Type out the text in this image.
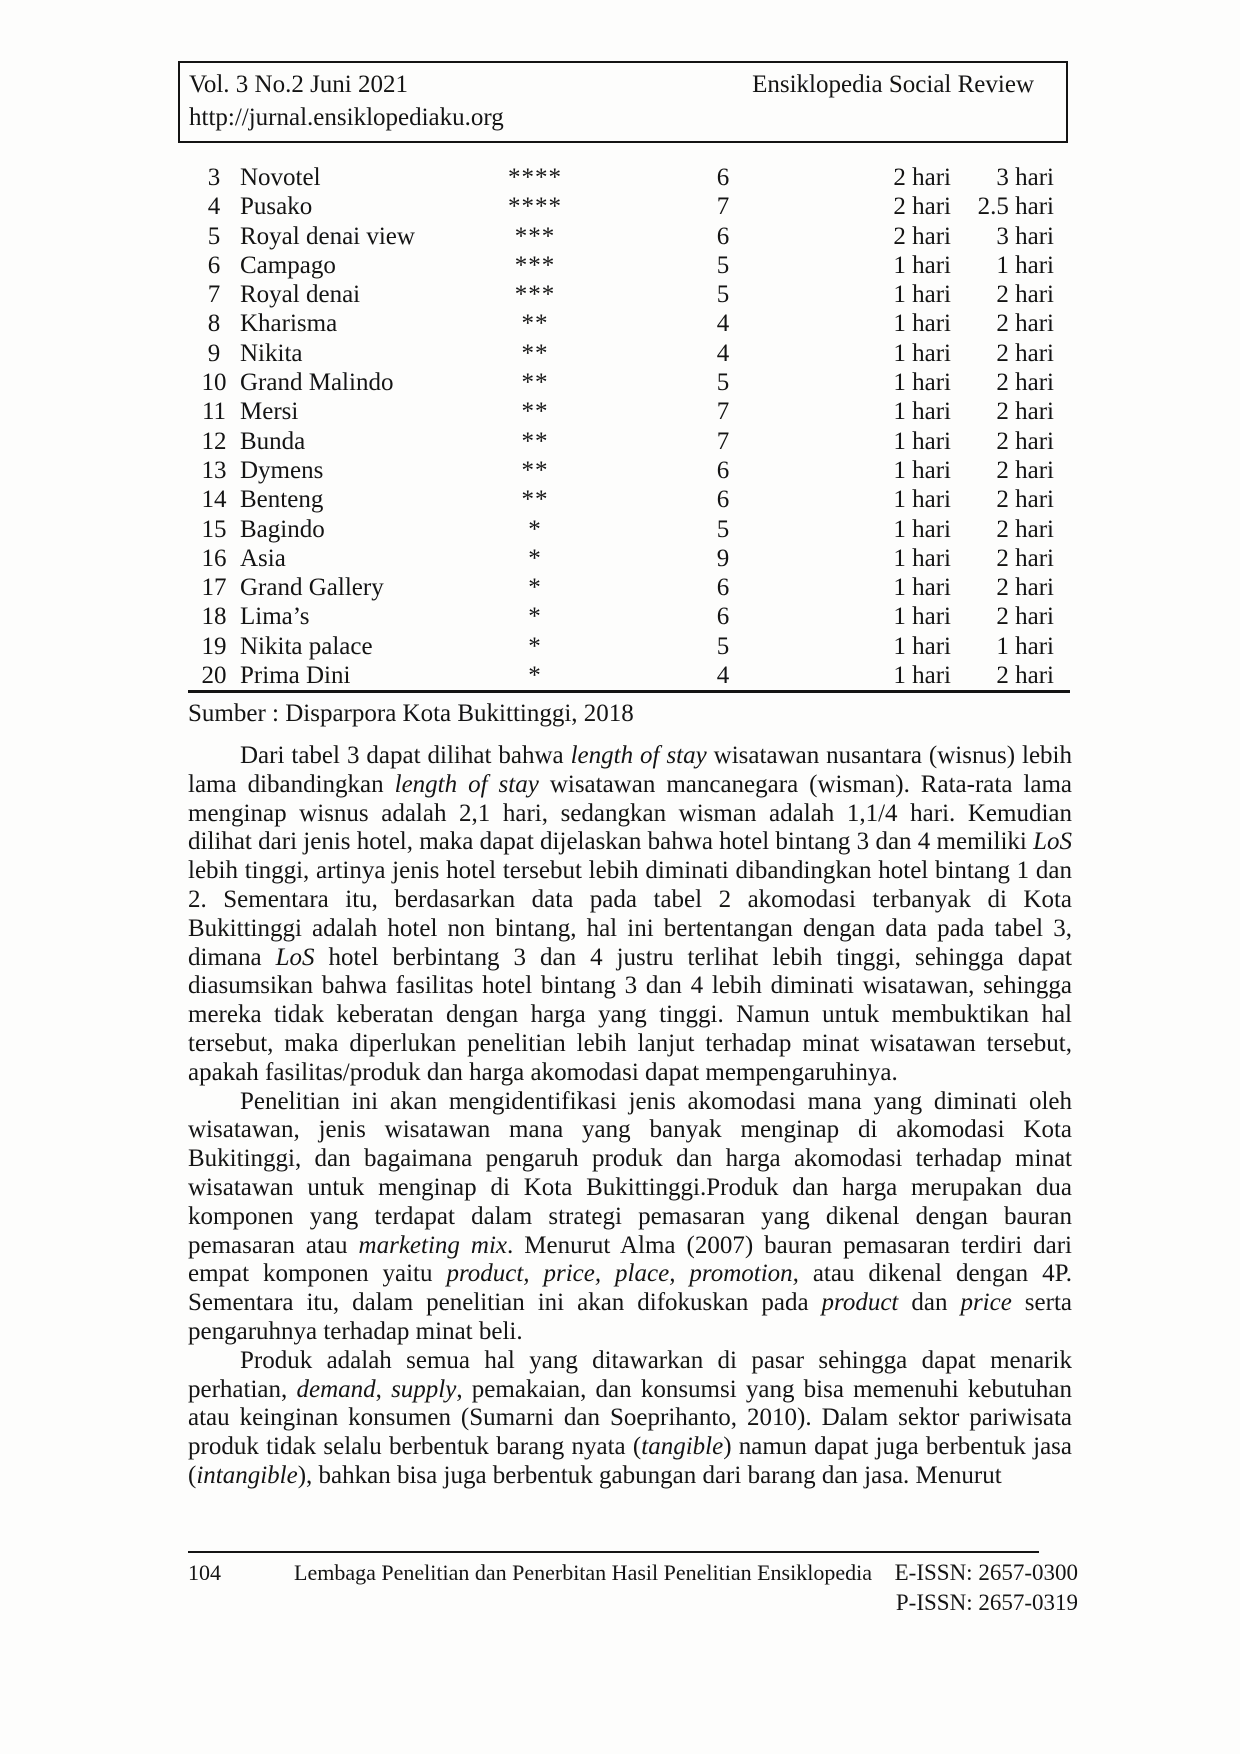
Vol. 3 No.2 Juni 2021	Ensiklopedia Social Review
http://jurnal.ensiklopediaku.org
3	Novotel	****	6	2 hari	3 hari
4	Pusako	****	7	2 hari	2.5 hari
5	Royal denai view	***	6	2 hari	3 hari
6	Campago	***	5	1 hari	1 hari
7	Royal denai	***	5	1 hari	2 hari
8	Kharisma	**	4	1 hari	2 hari
9	Nikita	**	4	1 hari	2 hari
10	Grand Malindo	**	5	1 hari	2 hari
11	Mersi	**	7	1 hari	2 hari
12	Bunda	**	7	1 hari	2 hari
13	Dymens	**	6	1 hari	2 hari
14	Benteng	**	6	1 hari	2 hari
15	Bagindo	*	5	1 hari	2 hari
16	Asia	*	9	1 hari	2 hari
17	Grand Gallery	*	6	1 hari	2 hari
18	Lima’s	*	6	1 hari	2 hari
19	Nikita palace	*	5	1 hari	1 hari
20	Prima Dini	*	4	1 hari	2 hari
Sumber : Disparpora Kota Bukittinggi, 2018

Dari tabel 3 dapat dilihat bahwa length of stay wisatawan nusantara (wisnus) lebih lama dibandingkan length of stay wisatawan mancanegara (wisman). Rata-rata lama menginap wisnus adalah 2,1 hari, sedangkan wisman adalah 1,1/4 hari. Kemudian dilihat dari jenis hotel, maka dapat dijelaskan bahwa hotel bintang 3 dan 4 memiliki LoS lebih tinggi, artinya jenis hotel tersebut lebih diminati dibandingkan hotel bintang 1 dan 2. Sementara itu, berdasarkan data pada tabel 2 akomodasi terbanyak di Kota Bukittinggi adalah hotel non bintang, hal ini bertentangan dengan data pada tabel 3, dimana LoS hotel berbintang 3 dan 4 justru terlihat lebih tinggi, sehingga dapat diasumsikan bahwa fasilitas hotel bintang 3 dan 4 lebih diminati wisatawan, sehingga mereka tidak keberatan dengan harga yang tinggi. Namun untuk membuktikan hal tersebut, maka diperlukan penelitian lebih lanjut terhadap minat wisatawan tersebut, apakah fasilitas/produk dan harga akomodasi dapat mempengaruhinya.

Penelitian ini akan mengidentifikasi jenis akomodasi mana yang diminati oleh wisatawan, jenis wisatawan mana yang banyak menginap di akomodasi Kota Bukitinggi, dan bagaimana pengaruh produk dan harga akomodasi terhadap minat wisatawan untuk menginap di Kota Bukittinggi.Produk dan harga merupakan dua komponen yang terdapat dalam strategi pemasaran yang dikenal dengan bauran pemasaran atau marketing mix. Menurut Alma (2007) bauran pemasaran terdiri dari empat komponen yaitu product, price, place, promotion, atau dikenal dengan 4P. Sementara itu, dalam penelitian ini akan difokuskan pada product dan price serta pengaruhnya terhadap minat beli.

Produk adalah semua hal yang ditawarkan di pasar sehingga dapat menarik perhatian, demand, supply, pemakaian, dan konsumsi yang bisa memenuhi kebutuhan atau keinginan konsumen (Sumarni dan Soeprihanto, 2010). Dalam sektor pariwisata produk tidak selalu berbentuk barang nyata (tangible) namun dapat juga berbentuk jasa (intangible), bahkan bisa juga berbentuk gabungan dari barang dan jasa. Menurut

104	Lembaga Penelitian dan Penerbitan Hasil Penelitian Ensiklopedia E-ISSN: 2657-0300
P-ISSN: 2657-0319
